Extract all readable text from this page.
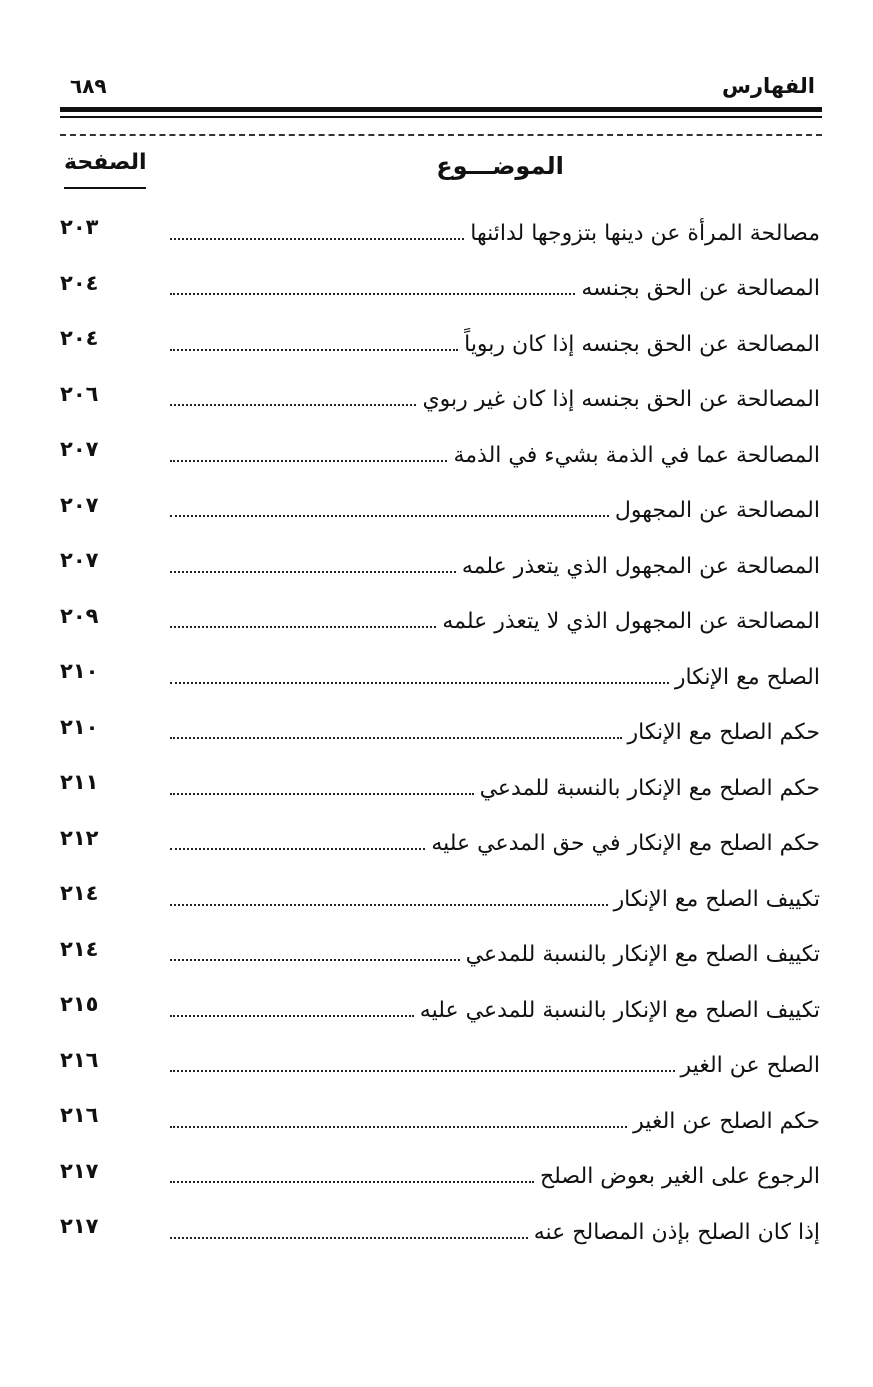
الفهارس
٦٨٩
الموضـــوع
الصفحة
مصالحة المرأة عن دينها بتزوجها لدائنها
٢٠٣
المصالحة عن الحق بجنسه
٢٠٤
المصالحة عن الحق بجنسه إذا كان ربوياً
٢٠٤
المصالحة عن الحق بجنسه إذا كان غير ربوي
٢٠٦
المصالحة عما في الذمة بشيء في الذمة
٢٠٧
المصالحة عن المجهول
٢٠٧
المصالحة عن المجهول الذي يتعذر علمه
٢٠٧
المصالحة عن المجهول الذي لا يتعذر علمه
٢٠٩
الصلح مع الإنكار
٢١٠
حكم الصلح مع الإنكار
٢١٠
حكم الصلح مع الإنكار بالنسبة للمدعي
٢١١
حكم الصلح مع الإنكار في حق المدعي عليه
٢١٢
تكييف الصلح مع الإنكار
٢١٤
تكييف الصلح مع الإنكار بالنسبة للمدعي
٢١٤
تكييف الصلح مع الإنكار بالنسبة للمدعي عليه
٢١٥
الصلح عن الغير
٢١٦
حكم الصلح عن الغير
٢١٦
الرجوع على الغير بعوض الصلح
٢١٧
إذا كان الصلح بإذن المصالح عنه
٢١٧
